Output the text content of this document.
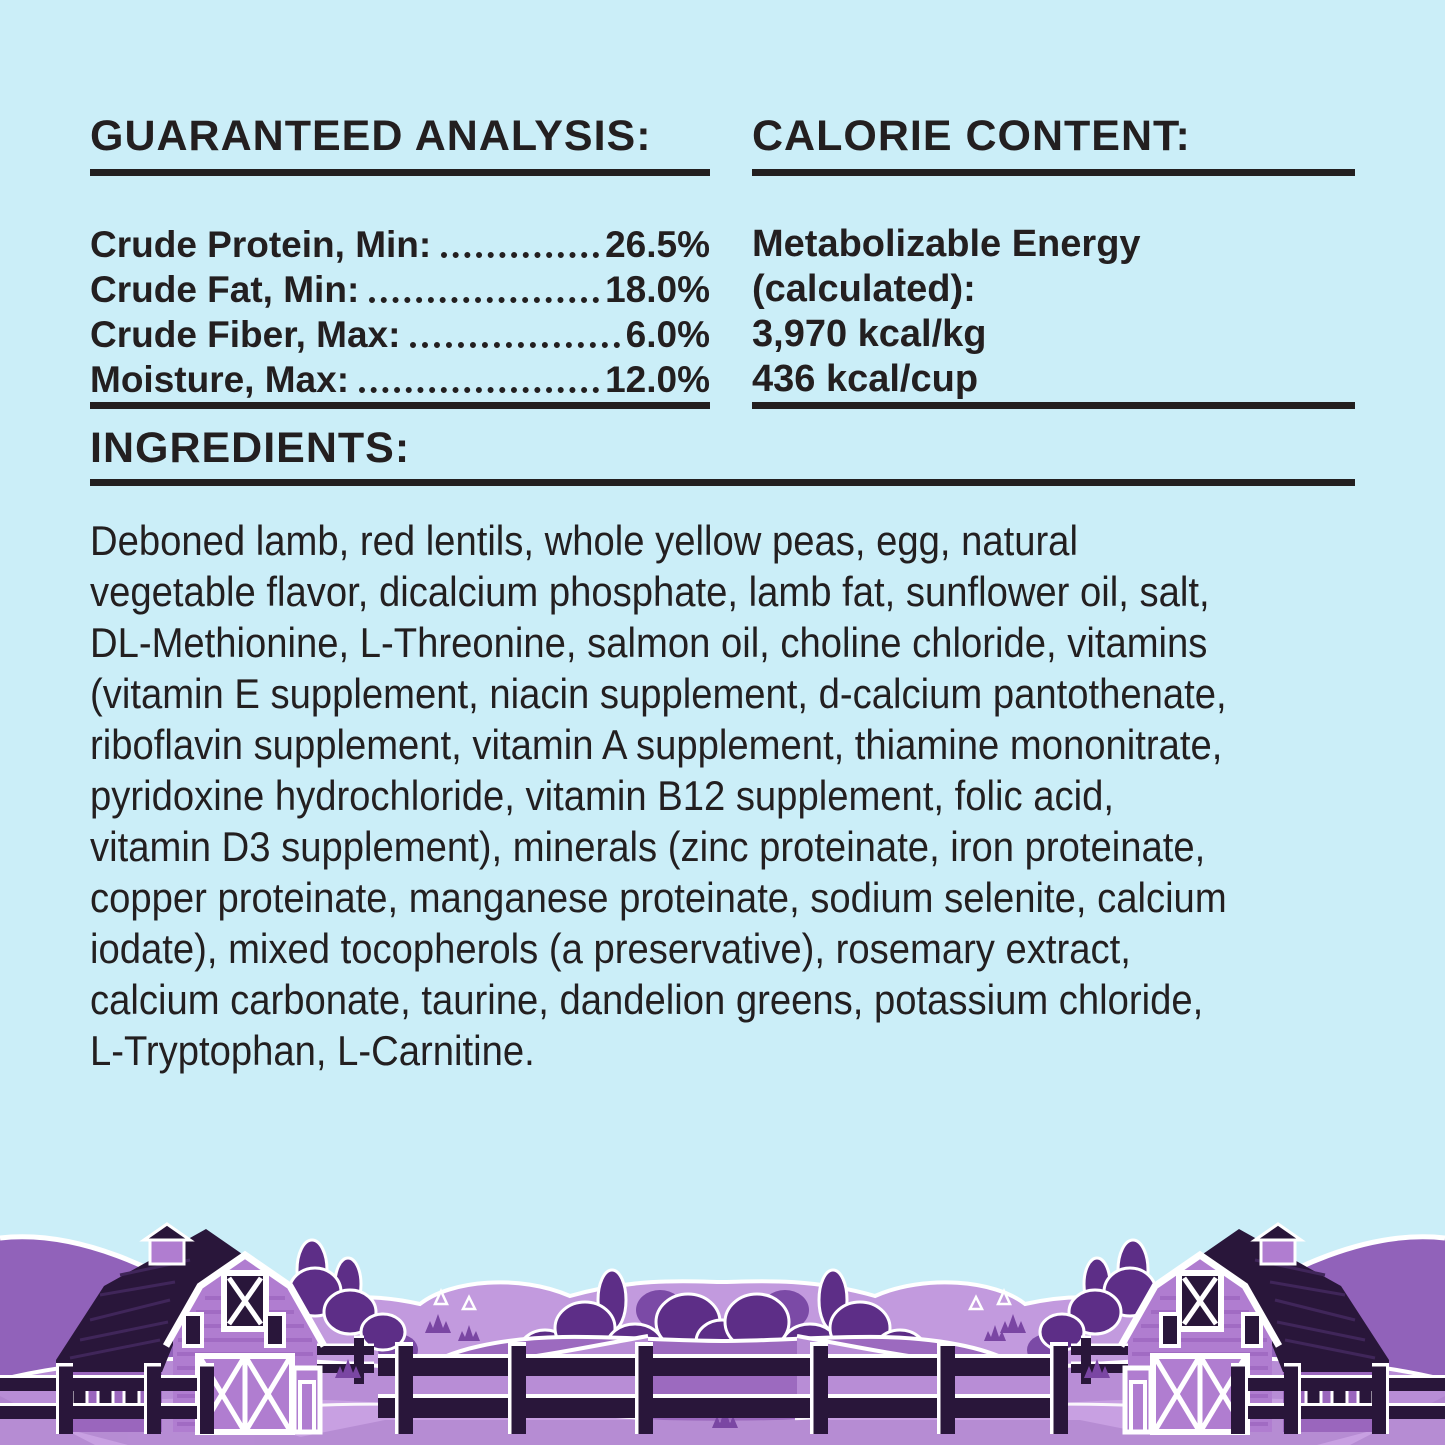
GUARANTEED ANALYSIS:
Crude Protein, Min:	26.5%
Crude Fat, Min:	18.0%
Crude Fiber, Max:	6.0%
Moisture, Max:	12.0%
CALORIE CONTENT:
Metabolizable Energy
(calculated):
3,970 kcal/kg
436 kcal/cup
INGREDIENTS:
Deboned lamb, red lentils, whole yellow peas, egg, natural
vegetable flavor, dicalcium phosphate, lamb fat, sunflower oil, salt,
DL-Methionine, L-Threonine, salmon oil, choline chloride, vitamins
(vitamin E supplement, niacin supplement, d-calcium pantothenate,
riboflavin supplement, vitamin A supplement, thiamine mononitrate,
pyridoxine hydrochloride, vitamin B12 supplement, folic acid,
vitamin D3 supplement), minerals (zinc proteinate, iron proteinate,
copper proteinate, manganese proteinate, sodium selenite, calcium
iodate), mixed tocopherols (a preservative), rosemary extract,
calcium carbonate, taurine, dandelion greens, potassium chloride,
L-Tryptophan, L-Carnitine.
